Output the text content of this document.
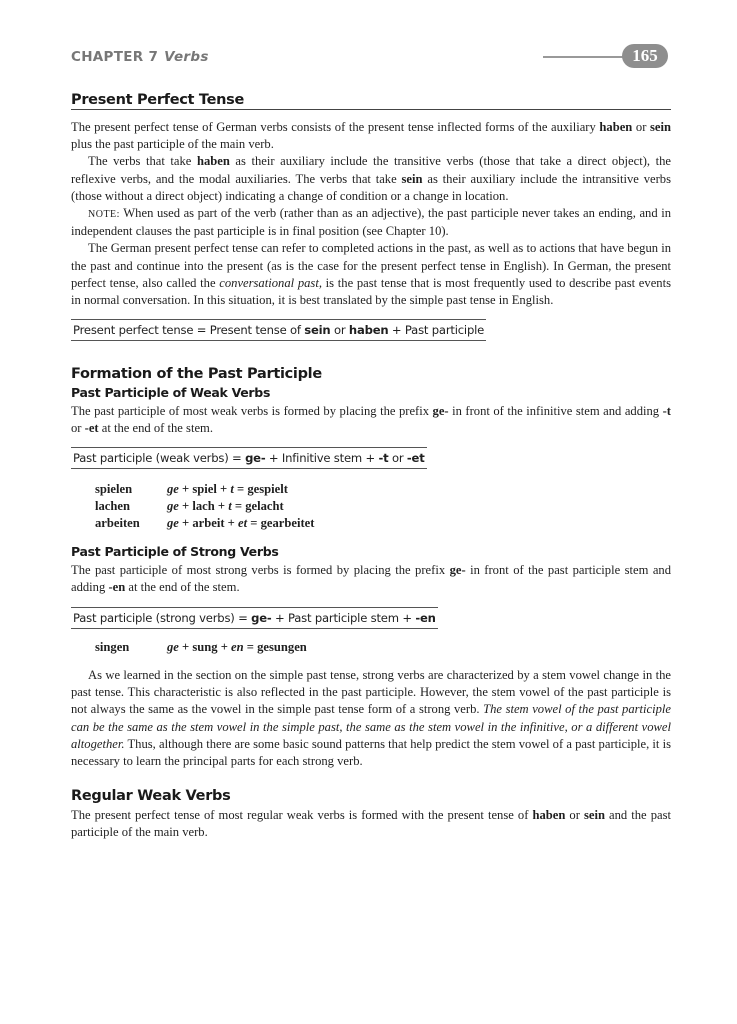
CHAPTER 7 Verbs	165
Present Perfect Tense

The present perfect tense of German verbs consists of the present tense inflected forms of the auxiliary haben or sein plus the past participle of the main verb.

The verbs that take haben as their auxiliary include the transitive verbs (those that take a direct object), the reflexive verbs, and the modal auxiliaries. The verbs that take sein as their auxiliary include the intransitive verbs (those without a direct object) indicating a change of condition or a change in location.

NOTE: When used as part of the verb (rather than as an adjective), the past participle never takes an ending, and in independent clauses the past participle is in final position (see Chapter 10).

The German present perfect tense can refer to completed actions in the past, as well as to actions that have begun in the past and continue into the present (as is the case for the present perfect tense in English). In German, the present perfect tense, also called the conversational past, is the past tense that is most frequently used to describe past events in normal conversation. In this situation, it is best translated by the simple past tense in English.

Present perfect tense = Present tense of sein or haben + Past participle
Formation of the Past Participle
Past Participle of Weak Verbs

The past participle of most weak verbs is formed by placing the prefix ge- in front of the infinitive stem and adding -t or -et at the end of the stem.

Past participle (weak verbs) = ge- + Infinitive stem + -t or -et
spielen	ge + spiel + t = gespielt
lachen	ge + lach + t = gelacht
arbeiten	ge + arbeit + et = gearbeitet
Past Participle of Strong Verbs

The past participle of most strong verbs is formed by placing the prefix ge- in front of the past participle stem and adding -en at the end of the stem.

Past participle (strong verbs) = ge- + Past participle stem + -en
singen	ge + sung + en = gesungen

As we learned in the section on the simple past tense, strong verbs are characterized by a stem vowel change in the past tense. This characteristic is also reflected in the past participle. However, the stem vowel of the past participle is not always the same as the vowel in the simple past tense form of a strong verb. The stem vowel of the past participle can be the same as the stem vowel in the simple past, the same as the stem vowel in the infinitive, or a different vowel altogether. Thus, although there are some basic sound patterns that help predict the stem vowel of a past participle, it is necessary to learn the principal parts for each strong verb.

Regular Weak Verbs

The present perfect tense of most regular weak verbs is formed with the present tense of haben or sein and the past participle of the main verb.
